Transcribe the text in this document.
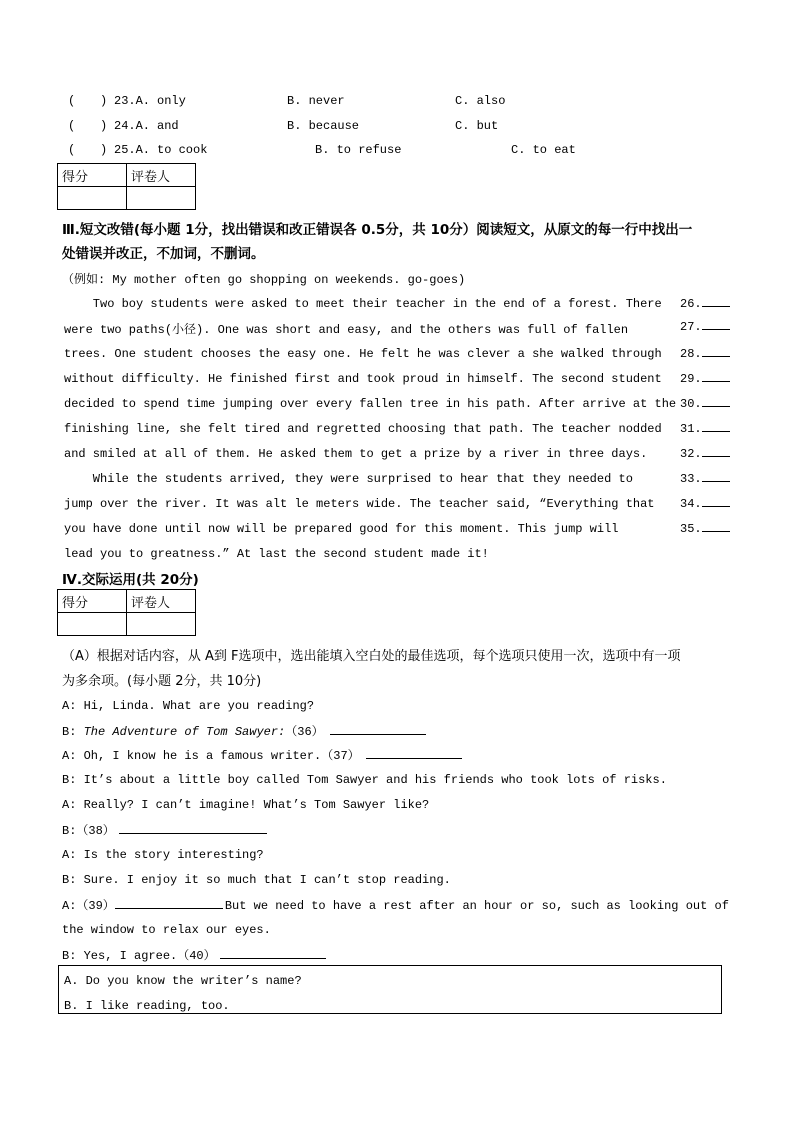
( ) 23.A. only	B. never	C. also
( ) 24.A. and	B. because	C. but
( ) 25.A. to cook	B. to refuse	C. to eat
得分	评卷人

Ⅲ.短文改错(每小题 1分，找出错误和改正错误各 0.5分，共 10分）阅读短文，从原文的每一行中找出一
处错误并改正，不加词，不删词。
（例如: My mother often go shopping on weekends. go-goes)
Two boy students were asked to meet their teacher in the end of a forest. There
were two paths(小径). One was short and easy, and the others was full of fallen
trees. One student chooses the easy one. He felt he was clever a she walked through
without difficulty. He finished first and took proud in himself. The second student
decided to spend time jumping over every fallen tree in his path. After arrive at the
finishing line, she felt tired and regretted choosing that path. The teacher nodded
and smiled at all of them. He asked them to get a prize by a river in three days.
While the students arrived, they were surprised to hear that they needed to
jump over the river. It was alt le meters wide. The teacher said, “Everything that
you have done until now will be prepared good for this moment. This jump will
lead you to greatness.” At last the second student made it!
26.
27.
28.
29.
30.
31.
32.
33.
34.
35.
Ⅳ.交际运用(共 20分)
得分	评卷人

（A）根据对话内容，从 A到 F选项中，选出能填入空白处的最佳选项，每个选项只使用一次，选项中有一项
为多余项。(每小题 2分，共 10分)
A: Hi, Linda. What are you reading?
B: The Adventure of Tom Sawyer:（36）
A: Oh, I know he is a famous writer.（37）
B: It’s about a little boy called Tom Sawyer and his friends who took lots of risks.
A: Really? I can’t imagine! What’s Tom Sawyer like?
B:（38）
A: Is the story interesting?
B: Sure. I enjoy it so much that I can’t stop reading.
A:（39）	But we need to have a rest after an hour or so, such as looking out of
the window to relax our eyes.
B: Yes, I agree.（40）
A. Do you know the writer’s name?
B. I like reading, too.
